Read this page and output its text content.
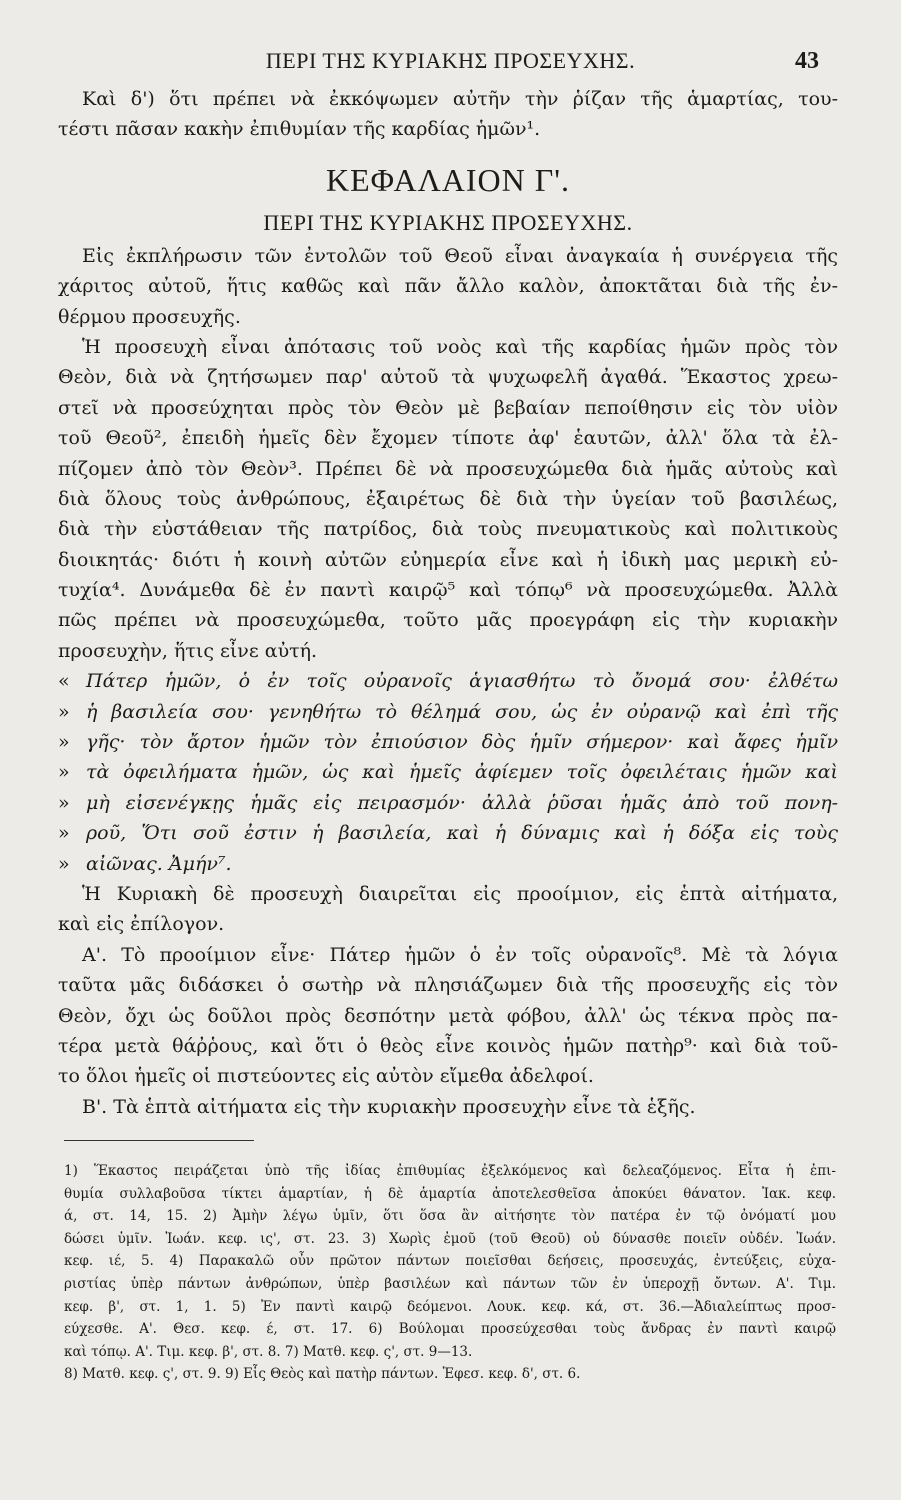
ΠΕΡΙ ΤΗΣ ΚΥΡΙΑΚΗΣ ΠΡΟΣΕΥΧΗΣ.	43
Καὶ δ') ὅτι πρέπει νὰ ἐκκόψωμεν αὐτῆν τὴν ῥίζαν τῆς ἁμαρτίας, του-
τέστι πᾶσαν κακὴν ἐπιθυμίαν τῆς καρδίας ἡμῶν¹.
ΚΕΦΑΛΑΙΟΝ Γ'.
ΠΕΡΙ ΤΗΣ ΚΥΡΙΑΚΗΣ ΠΡΟΣΕΥΧΗΣ.
Εἰς ἐκπλήρωσιν τῶν ἐντολῶν τοῦ Θεοῦ εἶναι ἀναγκαία ἡ συνέργεια τῆς
χάριτος αὐτοῦ, ἥτις καθῶς καὶ πᾶν ἄλλο καλὸν, ἀποκτᾶται διὰ τῆς ἐν-
θέρμου προσευχῆς.
Ἡ προσευχὴ εἶναι ἀπότασις τοῦ νοὸς καὶ τῆς καρδίας ἡμῶν πρὸς τὸν
Θεὸν, διὰ νὰ ζητήσωμεν παρ' αὐτοῦ τὰ ψυχωφελῆ ἀγαθά. Ἕκαστος χρεω-
στεῖ νὰ προσεύχηται πρὸς τὸν Θεὸν μὲ βεβαίαν πεποίθησιν εἰς τὸν υἱὸν
τοῦ Θεοῦ², ἐπειδὴ ἡμεῖς δὲν ἔχομεν τίποτε ἀφ' ἑαυτῶν, ἀλλ' ὅλα τὰ ἐλ-
πίζομεν ἀπὸ τὸν Θεὸν³. Πρέπει δὲ νὰ προσευχώμεθα διὰ ἡμᾶς αὐτοὺς καὶ
διὰ ὅλους τοὺς ἀνθρώπους, ἐξαιρέτως δὲ διὰ τὴν ὑγείαν τοῦ βασιλέως,
διὰ τὴν εὐστάθειαν τῆς πατρίδος, διὰ τοὺς πνευματικοὺς καὶ πολιτικοὺς
διοικητάς· διότι ἡ κοινὴ αὐτῶν εὐημερία εἶνε καὶ ἡ ἰδικὴ μας μερικὴ εὐ-
τυχία⁴. Δυνάμεθα δὲ ἐν παντὶ καιρῷ⁵ καὶ τόπῳ⁶ νὰ προσευχώμεθα. Ἀλλὰ
πῶς πρέπει νὰ προσευχώμεθα, τοῦτο μᾶς προεγράφη εἰς τὴν κυριακὴν
προσευχὴν, ἥτις εἶνε αὐτή.
« Πάτερ ἡμῶν, ὁ ἐν τοῖς οὐρανοῖς ἁγιασθήτω τὸ ὄνομά σου· ἐλθέτω
» ἡ βασιλεία σου· γενηθήτω τὸ θέλημά σου, ὡς ἐν οὐρανῷ καὶ ἐπὶ τῆς
» γῆς· τὸν ἄρτον ἡμῶν τὸν ἐπιούσιον δὸς ἡμῖν σήμερον· καὶ ἄφες ἡμῖν
» τὰ ὀφειλήματα ἡμῶν, ὡς καὶ ἡμεῖς ἀφίεμεν τοῖς ὀφειλέταις ἡμῶν καὶ
» μὴ εἰσενέγκῃς ἡμᾶς εἰς πειρασμόν· ἀλλὰ ῥῦσαι ἡμᾶς ἀπὸ τοῦ πονη-
» ροῦ, Ὅτι σοῦ ἐστιν ἡ βασιλεία, καὶ ἡ δύναμις καὶ ἡ δόξα εἰς τοὺς
» αἰῶνας. Ἀμήν⁷.
Ἡ Κυριακὴ δὲ προσευχὴ διαιρεῖται εἰς προοίμιον, εἰς ἑπτὰ αἰτήματα,
καὶ εἰς ἐπίλογον.
Α'. Τὸ προοίμιον εἶνε· Πάτερ ἡμῶν ὁ ἐν τοῖς οὐρανοῖς⁸. Μὲ τὰ λόγια
ταῦτα μᾶς διδάσκει ὁ σωτὴρ νὰ πλησιάζωμεν διὰ τῆς προσευχῆς εἰς τὸν
Θεὸν, ὄχι ὡς δοῦλοι πρὸς δεσπότην μετὰ φόβου, ἀλλ' ὡς τέκνα πρὸς πα-
τέρα μετὰ θάῤῥους, καὶ ὅτι ὁ θεὸς εἶνε κοινὸς ἡμῶν πατὴρ⁹· καὶ διὰ τοῦ-
το ὅλοι ἡμεῖς οἱ πιστεύοντες εἰς αὐτὸν εἴμεθα ἀδελφοί.
Β'. Τὰ ἑπτὰ αἰτήματα εἰς τὴν κυριακὴν προσευχὴν εἶνε τὰ ἑξῆς.
1) Ἕκαστος πειράζεται ὑπὸ τῆς ἰδίας ἐπιθυμίας ἐξελκόμενος καὶ δελεαζόμενος. Εἶτα ἡ ἐπι-
θυμία συλλαβοῦσα τίκτει ἁμαρτίαν, ἡ δὲ ἁμαρτία ἀποτελεσθεῖσα ἀποκύει θάνατον. Ἰακ. κεφ.
ά, στ. 14, 15. 2) Ἀμὴν λέγω ὑμῖν, ὅτι ὅσα ἂν αἰτήσητε τὸν πατέρα ἐν τῷ ὀνόματί μου
δώσει ὑμῖν. Ἰωάν. κεφ. ις', στ. 23. 3) Χωρὶς ἐμοῦ (τοῦ Θεοῦ) οὐ δύνασθε ποιεῖν οὐδέν. Ἰωάν.
κεφ. ιέ, 5. 4) Παρακαλῶ οὖν πρῶτον πάντων ποιεῖσθαι δεήσεις, προσευχάς, ἐντεύξεις, εὐχα-
ριστίας ὑπὲρ πάντων ἀνθρώπων, ὑπὲρ βασιλέων καὶ πάντων τῶν ἐν ὑπεροχῇ ὄντων. Α'. Τιμ.
κεφ. β', στ. 1, 1. 5) Ἐν παντὶ καιρῷ δεόμενοι. Λουκ. κεφ. κά, στ. 36.—Ἀδιαλείπτως προσ-
εύχεσθε. Α'. Θεσ. κεφ. έ, στ. 17. 6) Βούλομαι προσεύχεσθαι τοὺς ἄνδρας ἐν παντὶ καιρῷ
καὶ τόπῳ. Α'. Τιμ. κεφ. β', στ. 8. 7) Ματθ. κεφ. ς', στ. 9—13.
8) Ματθ. κεφ. ς', στ. 9. 9) Εἷς Θεὸς καὶ πατὴρ πάντων. Ἐφεσ. κεφ. δ', στ. 6.
